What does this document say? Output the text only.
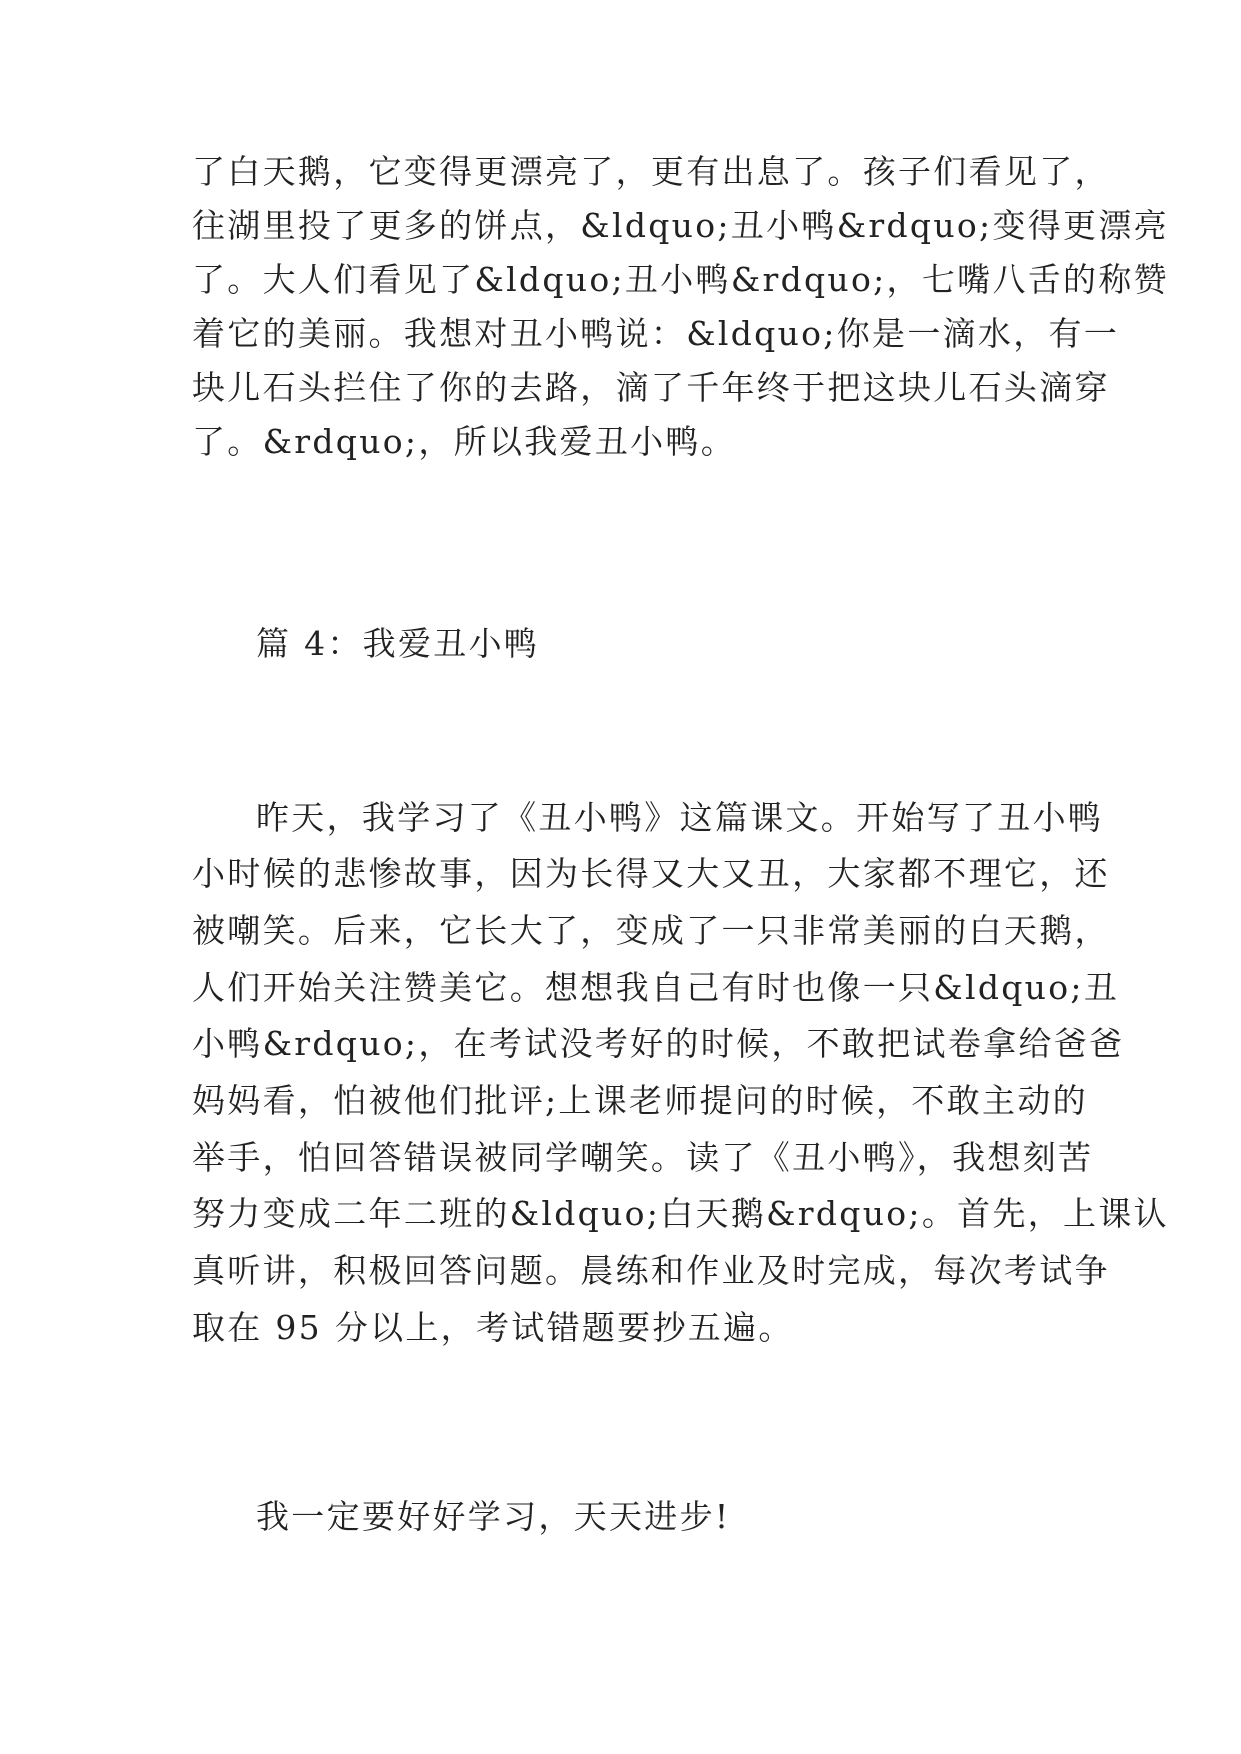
了白天鹅，它变得更漂亮了，更有出息了。孩子们看见了，
往湖里投了更多的饼点，&ldquo;丑小鸭&rdquo;变得更漂亮
了。大人们看见了&ldquo;丑小鸭&rdquo;，七嘴八舌的称赞
着它的美丽。我想对丑小鸭说：&ldquo;你是一滴水，有一
块儿石头拦住了你的去路，滴了千年终于把这块儿石头滴穿
了。&rdquo;，所以我爱丑小鸭。
篇 4：我爱丑小鸭
昨天，我学习了《丑小鸭》这篇课文。开始写了丑小鸭
小时候的悲惨故事，因为长得又大又丑，大家都不理它，还
被嘲笑。后来，它长大了，变成了一只非常美丽的白天鹅，
人们开始关注赞美它。想想我自己有时也像一只&ldquo;丑
小鸭&rdquo;，在考试没考好的时候，不敢把试卷拿给爸爸
妈妈看，怕被他们批评;上课老师提问的时候，不敢主动的
举手，怕回答错误被同学嘲笑。读了《丑小鸭》，我想刻苦
努力变成二年二班的&ldquo;白天鹅&rdquo;。首先，上课认
真听讲，积极回答问题。晨练和作业及时完成，每次考试争
取在 95 分以上，考试错题要抄五遍。
我一定要好好学习，天天进步!
